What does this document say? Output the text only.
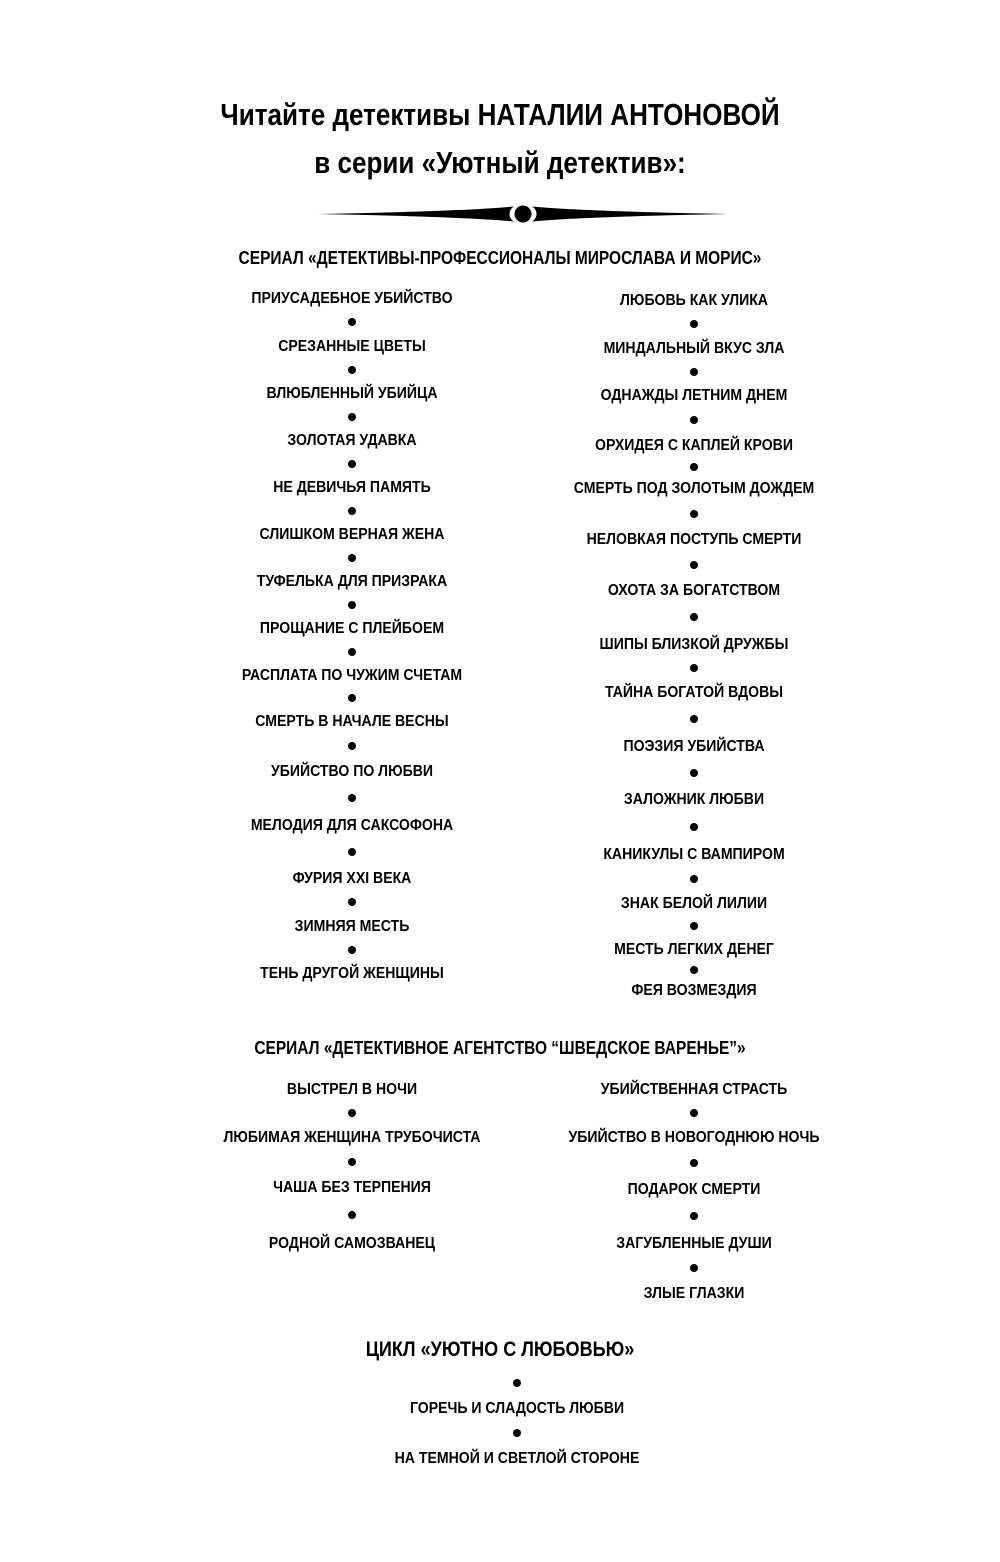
Читайте детективы НАТАЛИИ АНТОНОВОЙ
в серии «Уютный детектив»:
СЕРИАЛ «ДЕТЕКТИВЫ-ПРОФЕССИОНАЛЫ МИРОСЛАВА И МОРИС»
СЕРИАЛ «ДЕТЕКТИВНОЕ АГЕНТСТВО “ШВЕДСКОЕ ВАРЕНЬЕ”»
ЦИКЛ «УЮТНО С ЛЮБОВЬЮ»
ПРИУСАДЕБНОЕ УБИЙСТВО
СРЕЗАННЫЕ ЦВЕТЫ
ВЛЮБЛЕННЫЙ УБИЙЦА
ЗОЛОТАЯ УДАВКА
НЕ ДЕВИЧЬЯ ПАМЯТЬ
СЛИШКОМ ВЕРНАЯ ЖЕНА
ТУФЕЛЬКА ДЛЯ ПРИЗРАКА
ПРОЩАНИЕ С ПЛЕЙБОЕМ
РАСПЛАТА ПО ЧУЖИМ СЧЕТАМ
СМЕРТЬ В НАЧАЛЕ ВЕСНЫ
УБИЙСТВО ПО ЛЮБВИ
МЕЛОДИЯ ДЛЯ САКСОФОНА
ФУРИЯ XXI ВЕКА
ЗИМНЯЯ МЕСТЬ
ТЕНЬ ДРУГОЙ ЖЕНЩИНЫ
ЛЮБОВЬ КАК УЛИКА
МИНДАЛЬНЫЙ ВКУС ЗЛА
ОДНАЖДЫ ЛЕТНИМ ДНЕМ
ОРХИДЕЯ С КАПЛЕЙ КРОВИ
СМЕРТЬ ПОД ЗОЛОТЫМ ДОЖДЕМ
НЕЛОВКАЯ ПОСТУПЬ СМЕРТИ
ОХОТА ЗА БОГАТСТВОМ
ШИПЫ БЛИЗКОЙ ДРУЖБЫ
ТАЙНА БОГАТОЙ ВДОВЫ
ПОЭЗИЯ УБИЙСТВА
ЗАЛОЖНИК ЛЮБВИ
КАНИКУЛЫ С ВАМПИРОМ
ЗНАК БЕЛОЙ ЛИЛИИ
МЕСТЬ ЛЕГКИХ ДЕНЕГ
ФЕЯ ВОЗМЕЗДИЯ
ВЫСТРЕЛ В НОЧИ
ЛЮБИМАЯ ЖЕНЩИНА ТРУБОЧИСТА
ЧАША БЕЗ ТЕРПЕНИЯ
РОДНОЙ САМОЗВАНЕЦ
УБИЙСТВЕННАЯ СТРАСТЬ
УБИЙСТВО В НОВОГОДНЮЮ НОЧЬ
ПОДАРОК СМЕРТИ
ЗАГУБЛЕННЫЕ ДУШИ
ЗЛЫЕ ГЛАЗКИ
ГОРЕЧЬ И СЛАДОСТЬ ЛЮБВИ
НА ТЕМНОЙ И СВЕТЛОЙ СТОРОНЕ
